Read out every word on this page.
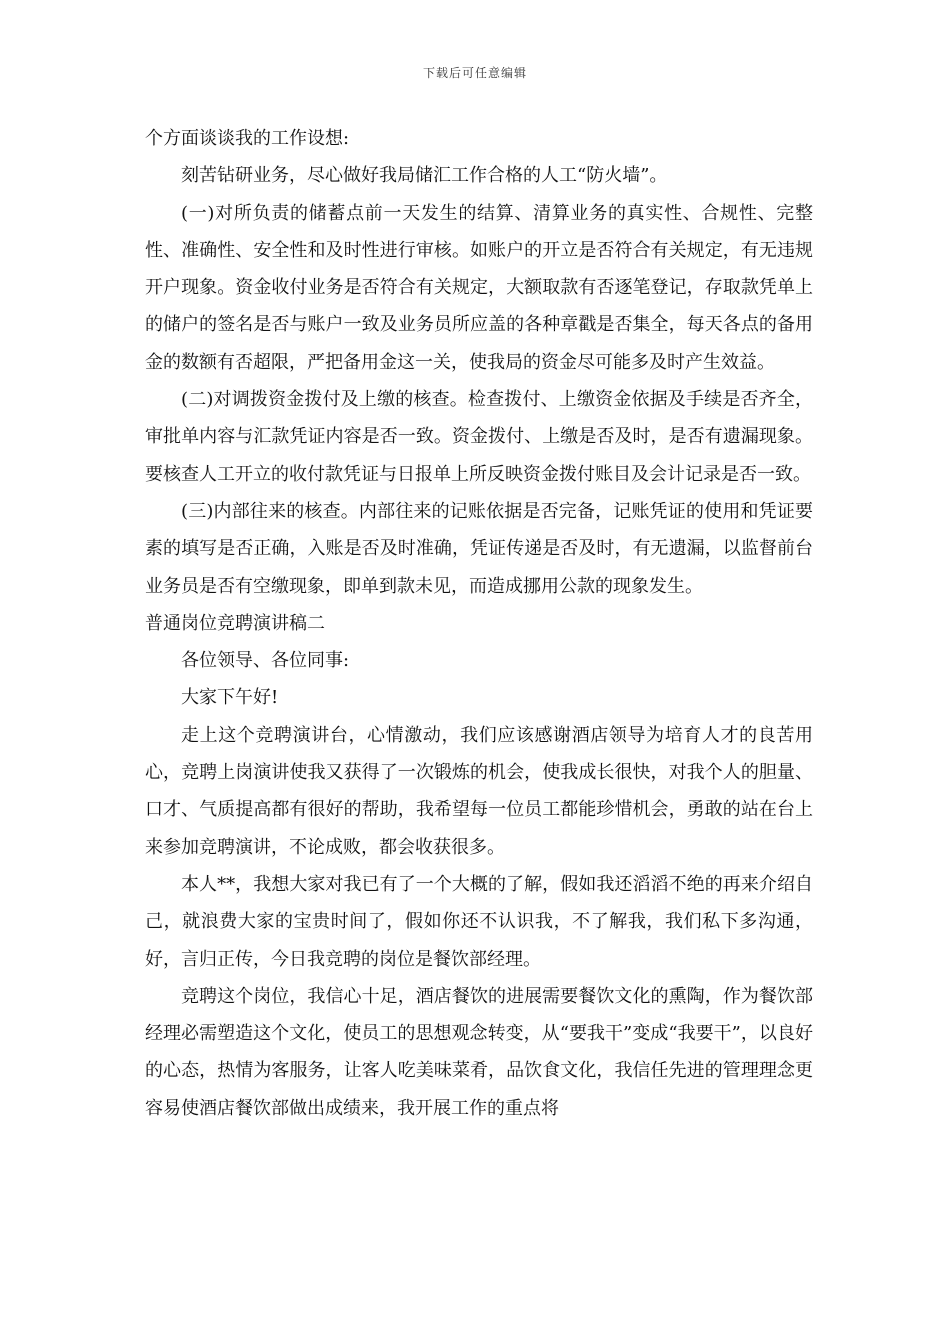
下载后可任意编辑

个方面谈谈我的工作设想:

刻苦钻研业务，尽心做好我局储汇工作合格的人工“防火墙”。

(一)对所负责的储蓄点前一天发生的结算、清算业务的真实性、合规性、完整性、准确性、安全性和及时性进行审核。如账户的开立是否符合有关规定，有无违规开户现象。资金收付业务是否符合有关规定，大额取款有否逐笔登记，存取款凭单上的储户的签名是否与账户一致及业务员所应盖的各种章戳是否集全，每天各点的备用金的数额有否超限，严把备用金这一关，使我局的资金尽可能多及时产生效益。

(二)对调拨资金拨付及上缴的核查。检查拨付、上缴资金依据及手续是否齐全，审批单内容与汇款凭证内容是否一致。资金拨付、上缴是否及时，是否有遗漏现象。要核查人工开立的收付款凭证与日报单上所反映资金拨付账目及会计记录是否一致。

(三)内部往来的核查。内部往来的记账依据是否完备，记账凭证的使用和凭证要素的填写是否正确，入账是否及时准确，凭证传递是否及时，有无遗漏，以监督前台业务员是否有空缴现象，即单到款未见，而造成挪用公款的现象发生。

普通岗位竞聘演讲稿二

各位领导、各位同事:

大家下午好!

走上这个竞聘演讲台，心情激动，我们应该感谢酒店领导为培育人才的良苦用心，竞聘上岗演讲使我又获得了一次锻炼的机会，使我成长很快，对我个人的胆量、口才、气质提高都有很好的帮助，我希望每一位员工都能珍惜机会，勇敢的站在台上来参加竞聘演讲，不论成败，都会收获很多。

本人**，我想大家对我已有了一个大概的了解，假如我还滔滔不绝的再来介绍自己，就浪费大家的宝贵时间了，假如你还不认识我，不了解我，我们私下多沟通，好，言归正传，今日我竞聘的岗位是餐饮部经理。

竞聘这个岗位，我信心十足，酒店餐饮的进展需要餐饮文化的熏陶，作为餐饮部经理必需塑造这个文化，使员工的思想观念转变，从“要我干”变成“我要干”，以良好的心态，热情为客服务，让客人吃美味菜肴，品饮食文化，我信任先进的管理理念更容易使酒店餐饮部做出成绩来，我开展工作的重点将
